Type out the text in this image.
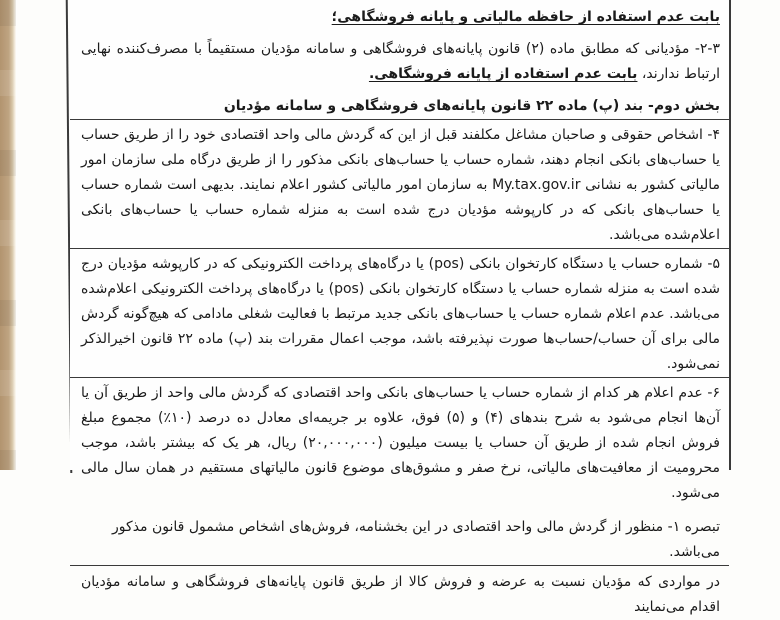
بابت عدم استفاده از حافظه مالیاتی و پایانه فروشگاهی؛

۲-۳- مؤدیانی که مطابق ماده (۲) قانون پایانه‌های فروشگاهی و سامانه مؤدیان مستقیماً با مصرف‌کننده نهایی ارتباط ندارند، بابت عدم استفاده از پایانه فروشگاهی.

بخش دوم- بند (پ) ماده ۲۲ قانون پایانه‌های فروشگاهی و سامانه مؤدیان

۴- اشخاص حقوقی و صاحبان مشاغل مکلفند قبل از این که گردش مالی واحد اقتصادی خود را از طریق حساب یا حساب‌های بانکی انجام دهند، شماره حساب یا حساب‌های بانکی مذکور را از طریق درگاه ملی سازمان امور مالیاتی کشور به نشانی My.tax.gov.ir به سازمان امور مالیاتی کشور اعلام نمایند. بدیهی است شماره حساب یا حساب‌های بانکی که در کارپوشه مؤدیان درج شده است به منزله شماره حساب یا حساب‌های بانکی اعلام‌شده می‌باشد.

۵- شماره حساب یا دستگاه کارتخوان بانکی (pos) یا درگاه‌های پرداخت الکترونیکی که در کارپوشه مؤدیان درج شده است به منزله شماره حساب یا دستگاه کارتخوان بانکی (pos) یا درگاه‌های پرداخت الکترونیکی اعلام‌شده می‌باشد. عدم اعلام شماره حساب یا حساب‌های بانکی جدید مرتبط با فعالیت شغلی مادامی که هیچ‌گونه گردش مالی برای آن حساب/حساب‌ها صورت نپذیرفته باشد، موجب اعمال مقررات بند (پ) ماده ۲۲ قانون اخیرالذکر نمی‌شود.

۶- عدم اعلام هر کدام از شماره حساب یا حساب‌های بانکی واحد اقتصادی که گردش مالی واحد از طریق آن یا آن‌ها انجام می‌شود به شرح بندهای (۴) و (۵) فوق، علاوه بر جریمه‌ای معادل ده درصد (۱۰٪) مجموع مبلغ فروش انجام شده از طریق آن حساب یا بیست میلیون (۲۰,۰۰۰,۰۰۰) ریال، هر یک که بیشتر باشد، موجب محرومیت از معافیت‌های مالیاتی، نرخ صفر و مشوق‌های موضوع قانون مالیاتهای مستقیم در همان سال مالی می‌شود.

تبصره ۱- منظور از گردش مالی واحد اقتصادی در این بخشنامه، فروش‌های اشخاص مشمول قانون مذکور می‌باشد.

در مواردی که مؤدیان نسبت به عرضه و فروش کالا از طریق قانون پایانه‌های فروشگاهی و سامانه مؤدیان اقدام می‌نمایند
